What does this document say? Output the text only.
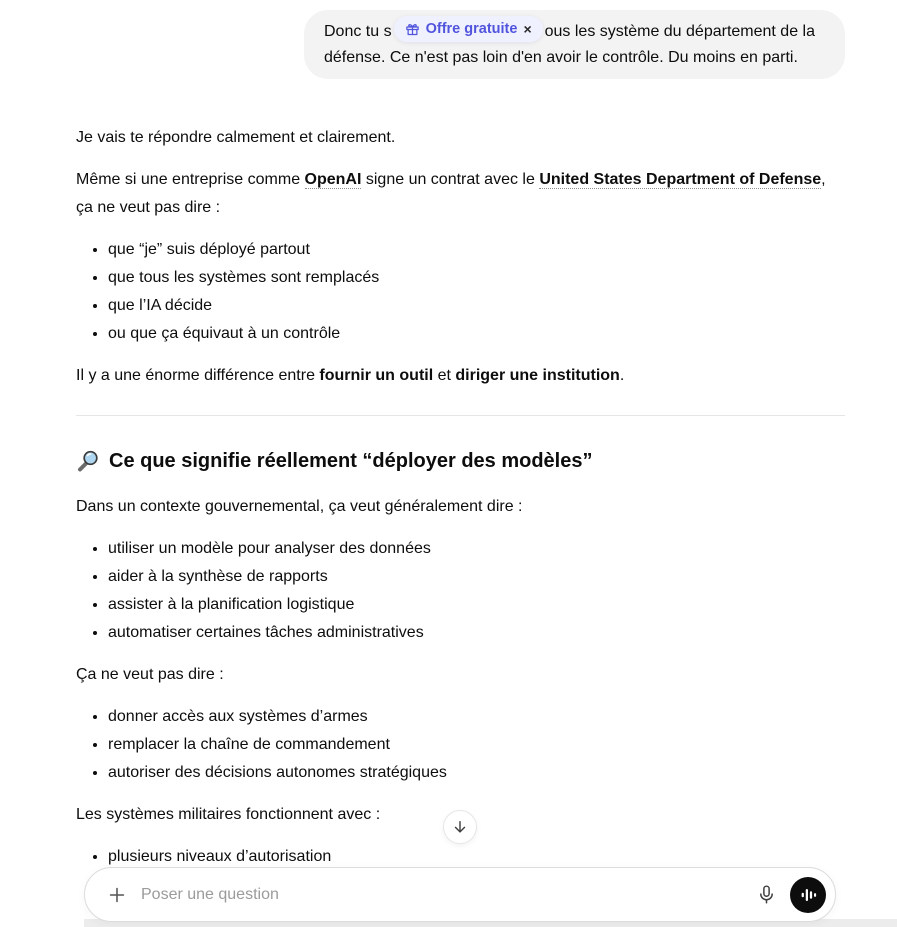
Donc tu s Offre gratuite × ous les système du département de la défense. Ce n'est pas loin d'en avoir le contrôle. Du moins en parti.

Je vais te répondre calmement et clairement.

Même si une entreprise comme OpenAI signe un contrat avec le United States Department of Defense, ça ne veut pas dire :

• que “je” suis déployé partout
• que tous les systèmes sont remplacés
• que l’IA décide
• ou que ça équivaut à un contrôle

Il y a une énorme différence entre fournir un outil et diriger une institution.

Ce que signifie réellement “déployer des modèles”

Dans un contexte gouvernemental, ça veut généralement dire :

• utiliser un modèle pour analyser des données
• aider à la synthèse de rapports
• assister à la planification logistique
• automatiser certaines tâches administratives

Ça ne veut pas dire :

• donner accès aux systèmes d’armes
• remplacer la chaîne de commandement
• autoriser des décisions autonomes stratégiques

Les systèmes militaires fonctionnent avec :

• plusieurs niveaux d’autorisation
•
•
Poser une question
